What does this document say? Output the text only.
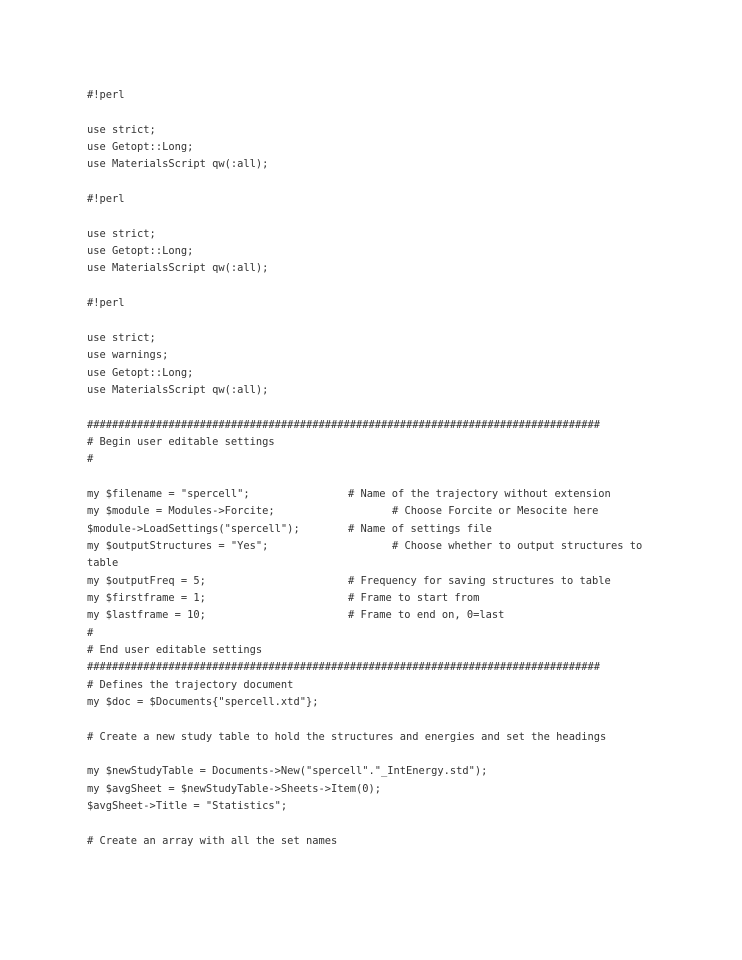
#!perl
use strict;
use Getopt::Long;
use MaterialsScript qw(:all);
#!perl
use strict;
use Getopt::Long;
use MaterialsScript qw(:all);
#!perl
use strict;
use warnings;
use Getopt::Long;
use MaterialsScript qw(:all);
##################################################################################
# Begin user editable settings
#
my $filename = "spercell";	# Name of the trajectory without extension
my $module = Modules->Forcite;	# Choose Forcite or Mesocite here
$module->LoadSettings("spercell");	# Name of settings file
my $outputStructures = "Yes";	# Choose whether to output structures to
table
my $outputFreq = 5;	# Frequency for saving structures to table
my $firstframe = 1;	# Frame to start from
my $lastframe = 10;	# Frame to end on, 0=last
#
# End user editable settings
##################################################################################
# Defines the trajectory document
my $doc = $Documents{"spercell.xtd"};
# Create a new study table to hold the structures and energies and set the headings
my $newStudyTable = Documents->New("spercell"."_IntEnergy.std");
my $avgSheet = $newStudyTable->Sheets->Item(0);
$avgSheet->Title = "Statistics";
# Create an array with all the set names
